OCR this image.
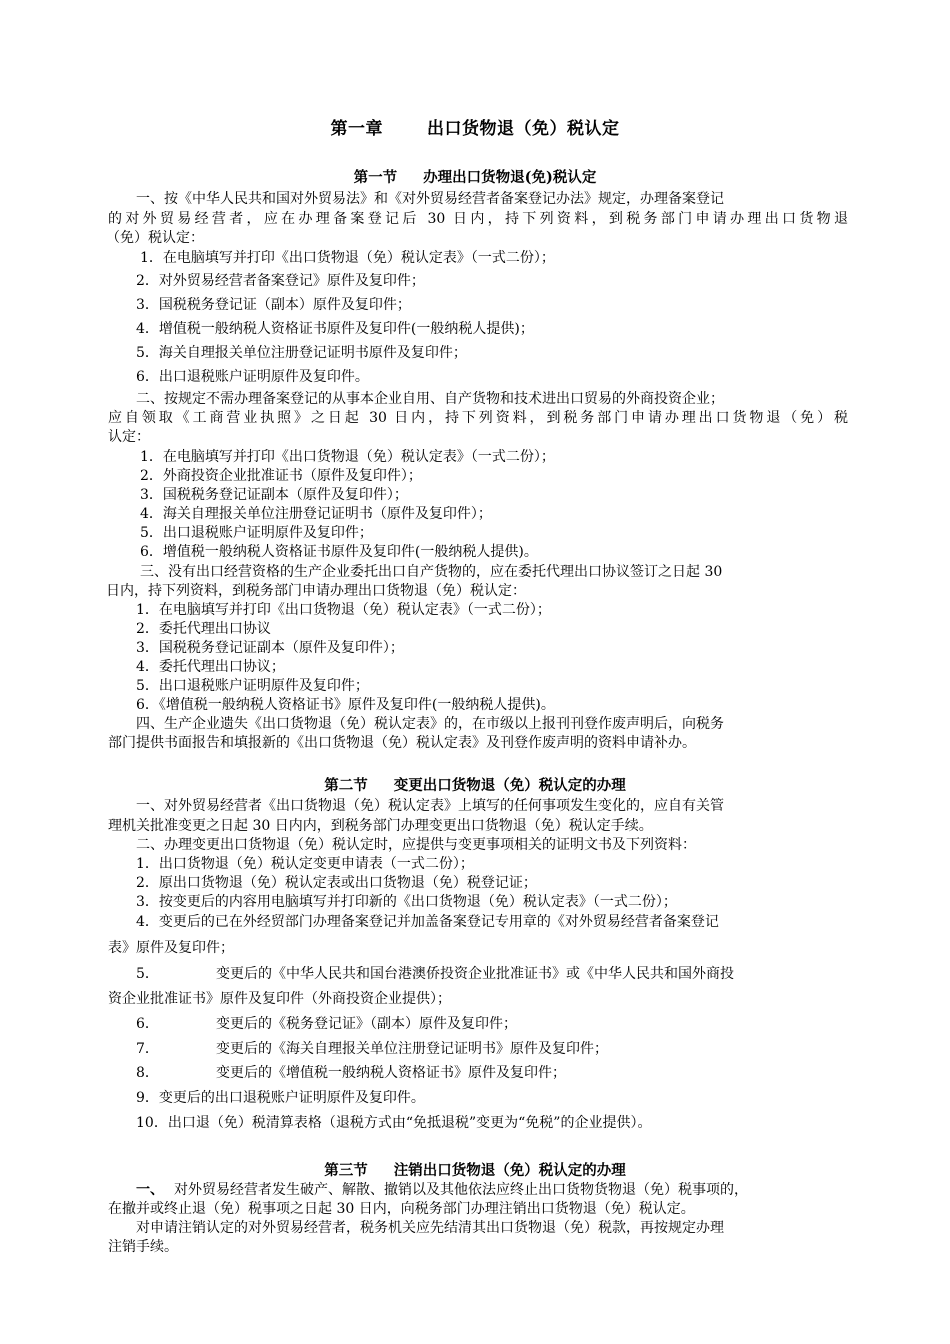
第一章	出口货物退（免）税认定
第一节 办理出口货物退(免)税认定
一、按《中华人民共和国对外贸易法》和《对外贸易经营者备案登记办法》规定，办理备案登记
的对外贸易经营者，应在办理备案登记后 30 日内，持下列资料，到税务部门申请办理出口货物退
（免）税认定：
1．在电脑填写并打印《出口货物退（免）税认定表》（一式二份）；
2．对外贸易经营者备案登记》原件及复印件；
3．国税税务登记证（副本）原件及复印件；
4．增值税一般纳税人资格证书原件及复印件(一般纳税人提供)；
5．海关自理报关单位注册登记证明书原件及复印件；
6．出口退税账户证明原件及复印件。
二、按规定不需办理备案登记的从事本企业自用、自产货物和技术进出口贸易的外商投资企业；
应自领取《工商营业执照》之日起 30 日内，持下列资料，到税务部门申请办理出口货物退（免）税
认定：
1．在电脑填写并打印《出口货物退（免）税认定表》（一式二份）；
2．外商投资企业批准证书（原件及复印件）；
3．国税税务登记证副本（原件及复印件）；
4．海关自理报关单位注册登记证明书（原件及复印件）；
5．出口退税账户证明原件及复印件；
6．增值税一般纳税人资格证书原件及复印件(一般纳税人提供)。
三、没有出口经营资格的生产企业委托出口自产货物的，应在委托代理出口协议签订之日起 30
日内，持下列资料，到税务部门申请办理出口货物退（免）税认定：
1．在电脑填写并打印《出口货物退（免）税认定表》（一式二份）；
2．委托代理出口协议
3．国税税务登记证副本（原件及复印件）；
4．委托代理出口协议；
5．出口退税账户证明原件及复印件；
6．《增值税一般纳税人资格证书》原件及复印件(一般纳税人提供)。
四、生产企业遗失《出口货物退（免）税认定表》的，在市级以上报刊刊登作废声明后，向税务
部门提供书面报告和填报新的《出口货物退（免）税认定表》及刊登作废声明的资料申请补办。
第二节 变更出口货物退（免）税认定的办理
一、对外贸易经营者《出口货物退（免）税认定表》上填写的任何事项发生变化的，应自有关管
理机关批准变更之日起 30 日内内，到税务部门办理变更出口货物退（免）税认定手续。
二、办理变更出口货物退（免）税认定时，应提供与变更事项相关的证明文书及下列资料：
1．出口货物退（免）税认定变更申请表（一式二份）；
2．原出口货物退（免）税认定表或出口货物退（免）税登记证；
3．按变更后的内容用电脑填写并打印新的《出口货物退（免）税认定表》（一式二份）；
4．变更后的已在外经贸部门办理备案登记并加盖备案登记专用章的《对外贸易经营者备案登记
表》原件及复印件；
5．	变更后的《中华人民共和国台港澳侨投资企业批准证书》或《中华人民共和国外商投
资企业批准证书》原件及复印件（外商投资企业提供）；
6．	变更后的《税务登记证》（副本）原件及复印件；
7．	变更后的《海关自理报关单位注册登记证明书》原件及复印件；
8．	变更后的《增值税一般纳税人资格证书》原件及复印件；
9．变更后的出口退税账户证明原件及复印件。
10．出口退（免）税清算表格（退税方式由“免抵退税”变更为“免税”的企业提供）。
第三节 注销出口货物退（免）税认定的办理
一、 对外贸易经营者发生破产、解散、撤销以及其他依法应终止出口货物货物退（免）税事项的，
在撤并或终止退（免）税事项之日起 30 日内，向税务部门办理注销出口货物退（免）税认定。
对申请注销认定的对外贸易经营者，税务机关应先结清其出口货物退（免）税款，再按规定办理
注销手续。
